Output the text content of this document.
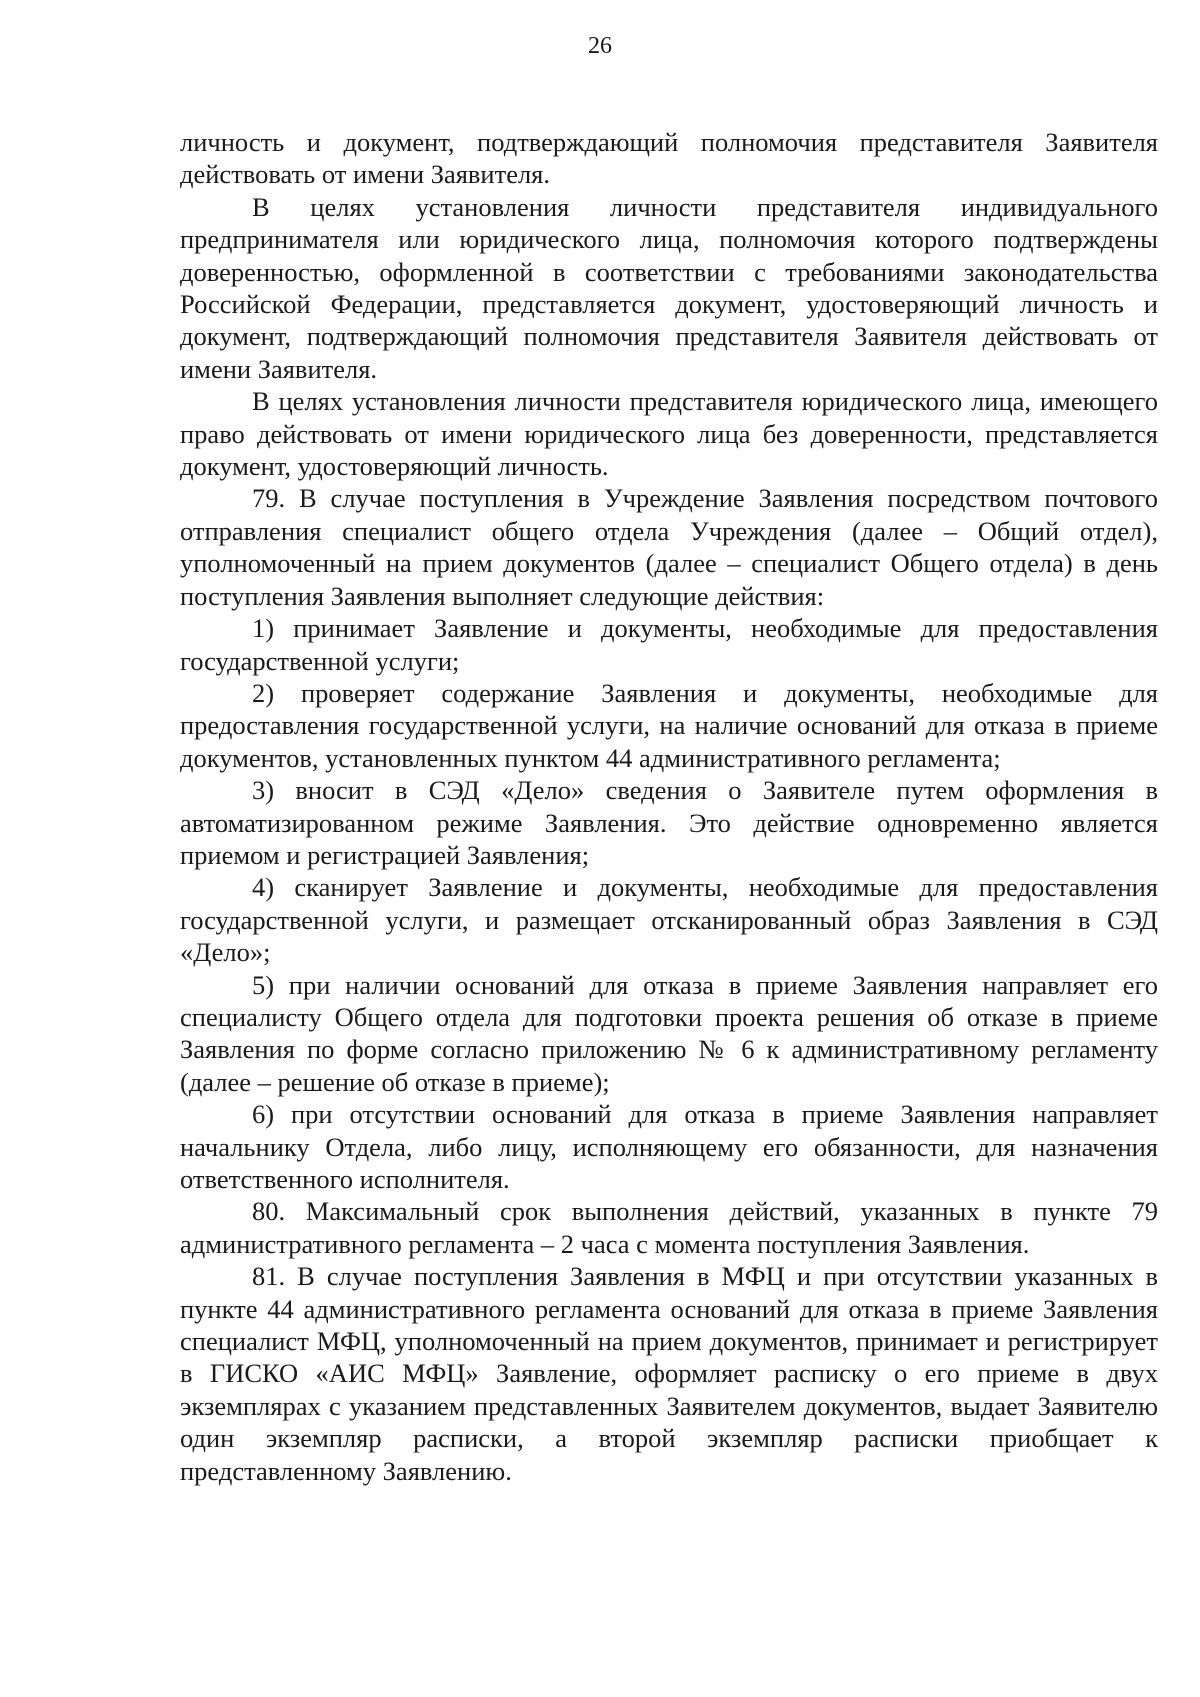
26

личность и документ, подтверждающий полномочия представителя Заявителя действовать от имени Заявителя.

В целях установления личности представителя индивидуального предпринимателя или юридического лица, полномочия которого подтверждены доверенностью, оформленной в соответствии с требованиями законодательства Российской Федерации, представляется документ, удостоверяющий личность и документ, подтверждающий полномочия представителя Заявителя действовать от имени Заявителя.

В целях установления личности представителя юридического лица, имеющего право действовать от имени юридического лица без доверенности, представляется документ, удостоверяющий личность.

79. В случае поступления в Учреждение Заявления посредством почтового отправления специалист общего отдела Учреждения (далее – Общий отдел), уполномоченный на прием документов (далее – специалист Общего отдела) в день поступления Заявления выполняет следующие действия:

1) принимает Заявление и документы, необходимые для предоставления государственной услуги;

2) проверяет содержание Заявления и документы, необходимые для предоставления государственной услуги, на наличие оснований для отказа в приеме документов, установленных пунктом 44 административного регламента;

3) вносит в СЭД «Дело» сведения о Заявителе путем оформления в автоматизированном режиме Заявления. Это действие одновременно является приемом и регистрацией Заявления;

4) сканирует Заявление и документы, необходимые для предоставления государственной услуги, и размещает отсканированный образ Заявления в СЭД «Дело»;

5) при наличии оснований для отказа в приеме Заявления направляет его специалисту Общего отдела для подготовки проекта решения об отказе в приеме Заявления по форме согласно приложению № 6 к административному регламенту (далее – решение об отказе в приеме);

6) при отсутствии оснований для отказа в приеме Заявления направляет начальнику Отдела, либо лицу, исполняющему его обязанности, для назначения ответственного исполнителя.

80. Максимальный срок выполнения действий, указанных в пункте 79 административного регламента – 2 часа с момента поступления Заявления.

81. В случае поступления Заявления в МФЦ и при отсутствии указанных в пункте 44 административного регламента оснований для отказа в приеме Заявления специалист МФЦ, уполномоченный на прием документов, принимает и регистрирует в ГИСКО «АИС МФЦ» Заявление, оформляет расписку о его приеме в двух экземплярах с указанием представленных Заявителем документов, выдает Заявителю один экземпляр расписки, а второй экземпляр расписки приобщает к представленному Заявлению.
